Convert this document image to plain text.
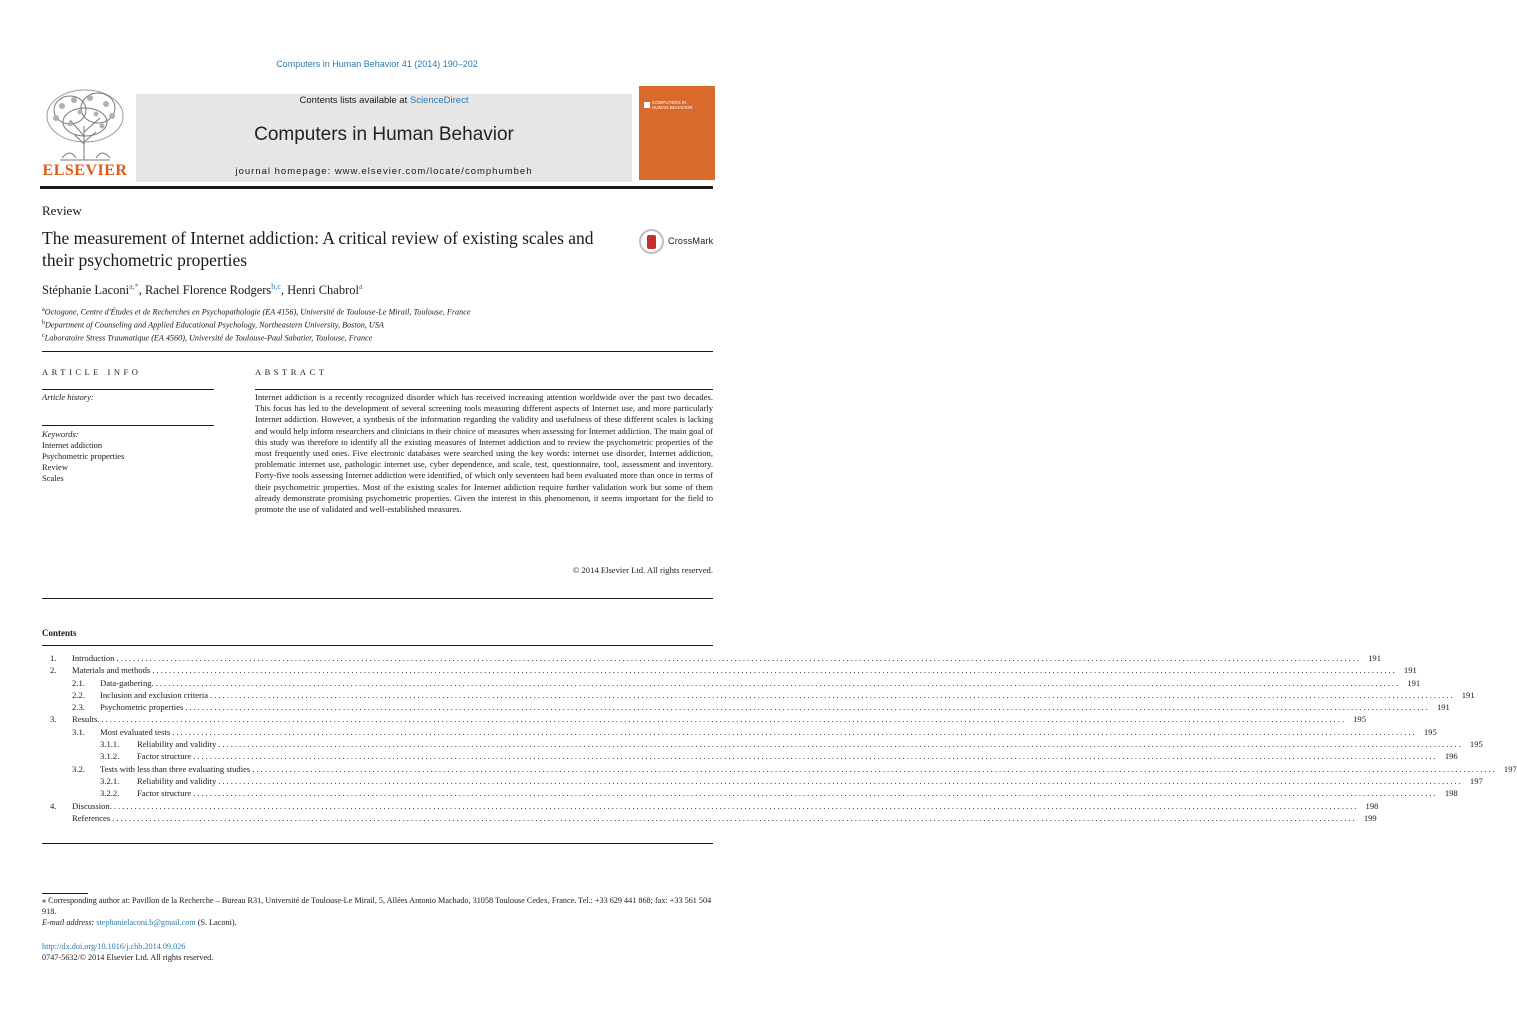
Computers in Human Behavior 41 (2014) 190–202
ELSEVIER
Contents lists available at ScienceDirect
Computers in Human Behavior
journal homepage: www.elsevier.com/locate/comphumbeh
COMPUTERS IN HUMAN BEHAVIOR
Review
The measurement of Internet addiction: A critical review of existing scales and their psychometric properties
CrossMark
Stéphanie Laconi$^{a,*}$, Rachel Florence Rodgers$^{b,c}$, Henri Chabrol$^a$
$^a$Octogone, Centre d'Études et de Recherches en Psychopathologie (EA 4156), Université de Toulouse-Le Mirail, Toulouse, France
$^b$Department of Counseling and Applied Educational Psychology, Northeastern University, Boston, USA
$^c$Laboratoire Stress Traumatique (EA 4560), Université de Toulouse-Paul Sabatier, Toulouse, France
ARTICLE INFO	ABSTRACT
Article history:
Keywords:
Internet addiction
Psychometric properties
Review
Scales
Internet addiction is a recently recognized disorder which has received increasing attention worldwide over the past two decades. This focus has led to the development of several screening tools measuring different aspects of Internet use, and more particularly Internet addiction. However, a synthesis of the information regarding the validity and usefulness of these different scales is lacking and would help inform researchers and clinicians in their choice of measures when assessing for Internet addiction. The main goal of this study was therefore to identify all the existing measures of Internet addiction and to review the psychometric properties of the most frequently used ones. Five electronic databases were searched using the key words: internet use disorder, Internet addiction, problematic internet use, pathologic internet use, cyber dependence, and scale, test, questionnaire, tool, assessment and inventory. Forty-five tools assessing Internet addiction were identified, of which only seventeen had been evaluated more than once in terms of their psychometric properties. Most of the existing scales for Internet addiction require further validation work but some of them already demonstrate promising psychometric properties. Given the interest in this phenomenon, it seems important for the field to promote the use of validated and well-established measures.
© 2014 Elsevier Ltd. All rights reserved.
Contents
1.	Introduction ............................................................................................................................................................................................................................................................................................................ 191
2.	Materials and methods ............................................................................................................................................................................................................................................................................................................ 191
2.1.	Data-gathering. ............................................................................................................................................................................................................................................................................................................ 191
2.2.	Inclusion and exclusion criteria ............................................................................................................................................................................................................................................................................................................ 191
2.3.	Psychometric properties ............................................................................................................................................................................................................................................................................................................ 191
3.	Results. ............................................................................................................................................................................................................................................................................................................ 195
3.1.	Most evaluated tests ............................................................................................................................................................................................................................................................................................................ 195
3.1.1.	Reliability and validity ............................................................................................................................................................................................................................................................................................................ 195
3.1.2.	Factor structure ............................................................................................................................................................................................................................................................................................................ 196
3.2.	Tests with less than three evaluating studies ............................................................................................................................................................................................................................................................................................................ 197
3.2.1.	Reliability and validity ............................................................................................................................................................................................................................................................................................................ 197
3.2.2.	Factor structure ............................................................................................................................................................................................................................................................................................................ 198
4.	Discussion. ............................................................................................................................................................................................................................................................................................................ 198
References ............................................................................................................................................................................................................................................................................................................ 199
⁎ Corresponding author at: Pavillon de la Recherche – Bureau R31, Université de Toulouse-Le Mirail, 5, Allées Antonio Machado, 31058 Toulouse Cedex, France. Tel.: +33 629 441 868; fax: +33 561 504 918.
E-mail address: stephanielaconi.b@gmail.com (S. Laconi).
http://dx.doi.org/10.1016/j.chb.2014.09.026
0747-5632/© 2014 Elsevier Ltd. All rights reserved.
